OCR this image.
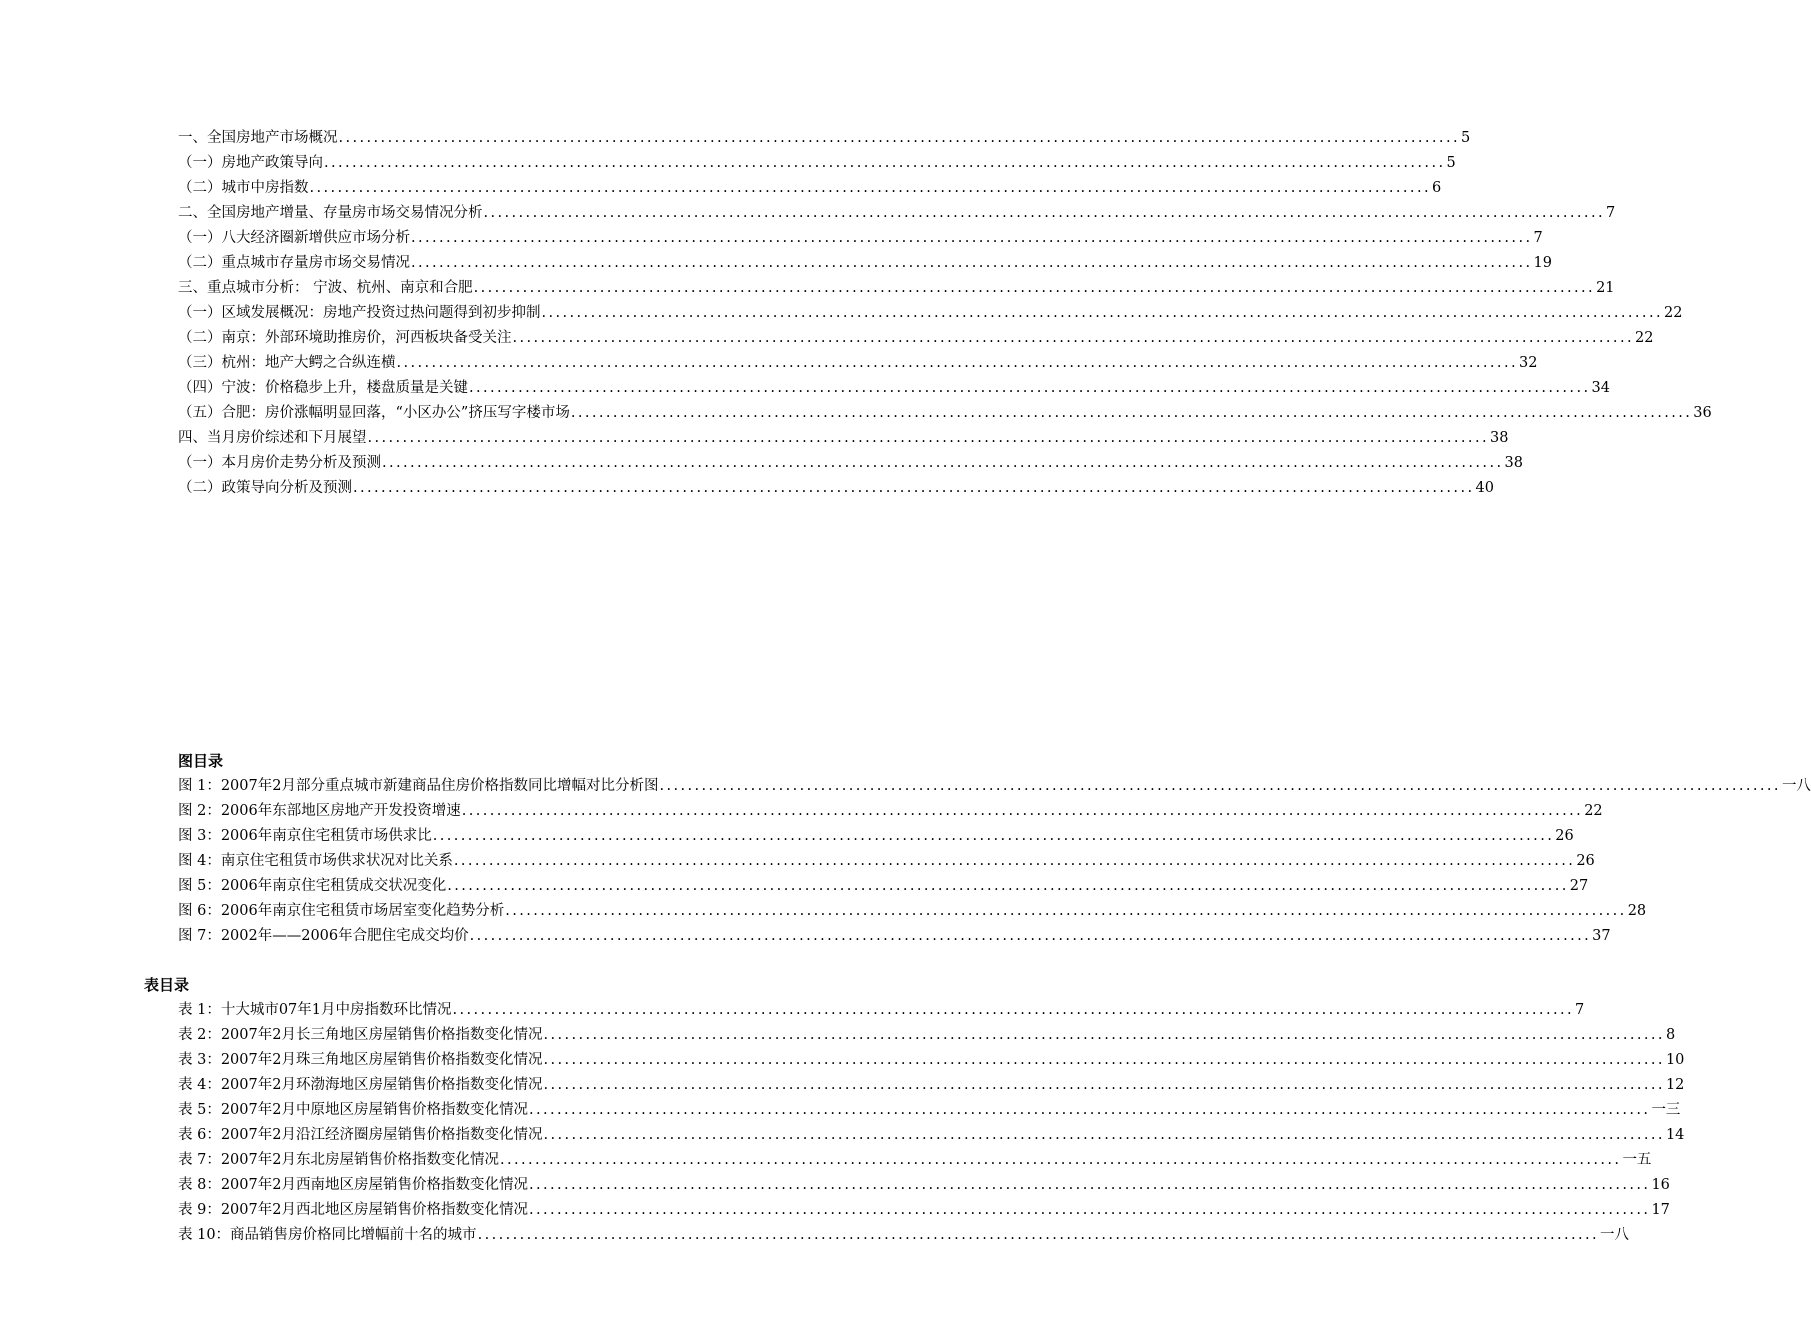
一、全国房地产市场概况 ................................................................................................................................................................ 5
（一）房地产政策导向 ................................................................................................................................................................ 5
（二）城市中房指数 ................................................................................................................................................................ 6
二、全国房地产增量、存量房市场交易情况分析 ................................................................................................................................................................ 7
（一）八大经济圈新增供应市场分析 ................................................................................................................................................................ 7
（二）重点城市存量房市场交易情况 ................................................................................................................................................................ 19
三、重点城市分析： 宁波、杭州、南京和合肥 ................................................................................................................................................................ 21
（一）区域发展概况：房地产投资过热问题得到初步抑制 ................................................................................................................................................................ 22
（二）南京：外部环境助推房价，河西板块备受关注 ................................................................................................................................................................ 22
（三）杭州：地产大鳄之合纵连横 ................................................................................................................................................................ 32
（四）宁波：价格稳步上升，楼盘质量是关键 ................................................................................................................................................................ 34
（五）合肥：房价涨幅明显回落，“小区办公”挤压写字楼市场 ................................................................................................................................................................ 36
四、当月房价综述和下月展望 ................................................................................................................................................................ 38
（一）本月房价走势分析及预测 ................................................................................................................................................................ 38
（二）政策导向分析及预测 ................................................................................................................................................................ 40
图目录
图 1：2007年2月部分重点城市新建商品住房价格指数同比增幅对比分析图 ................................................................................................................................................................ 一八
图 2：2006年东部地区房地产开发投资增速 ................................................................................................................................................................ 22
图 3：2006年南京住宅租赁市场供求比 ................................................................................................................................................................ 26
图 4：南京住宅租赁市场供求状况对比关系 ................................................................................................................................................................ 26
图 5：2006年南京住宅租赁成交状况变化 ................................................................................................................................................................ 27
图 6：2006年南京住宅租赁市场居室变化趋势分析 ................................................................................................................................................................ 28
图 7：2002年——2006年合肥住宅成交均价 ................................................................................................................................................................ 37
表目录
表 1：十大城市07年1月中房指数环比情况 ................................................................................................................................................................ 7
表 2：2007年2月长三角地区房屋销售价格指数变化情况 ................................................................................................................................................................ 8
表 3：2007年2月珠三角地区房屋销售价格指数变化情况 ................................................................................................................................................................ 10
表 4：2007年2月环渤海地区房屋销售价格指数变化情况 ................................................................................................................................................................ 12
表 5：2007年2月中原地区房屋销售价格指数变化情况 ................................................................................................................................................................ 一三
表 6：2007年2月沿江经济圈房屋销售价格指数变化情况 ................................................................................................................................................................ 14
表 7：2007年2月东北房屋销售价格指数变化情况 ................................................................................................................................................................ 一五
表 8：2007年2月西南地区房屋销售价格指数变化情况 ................................................................................................................................................................ 16
表 9：2007年2月西北地区房屋销售价格指数变化情况 ................................................................................................................................................................ 17
表 10：商品销售房价格同比增幅前十名的城市 ................................................................................................................................................................ 一八
